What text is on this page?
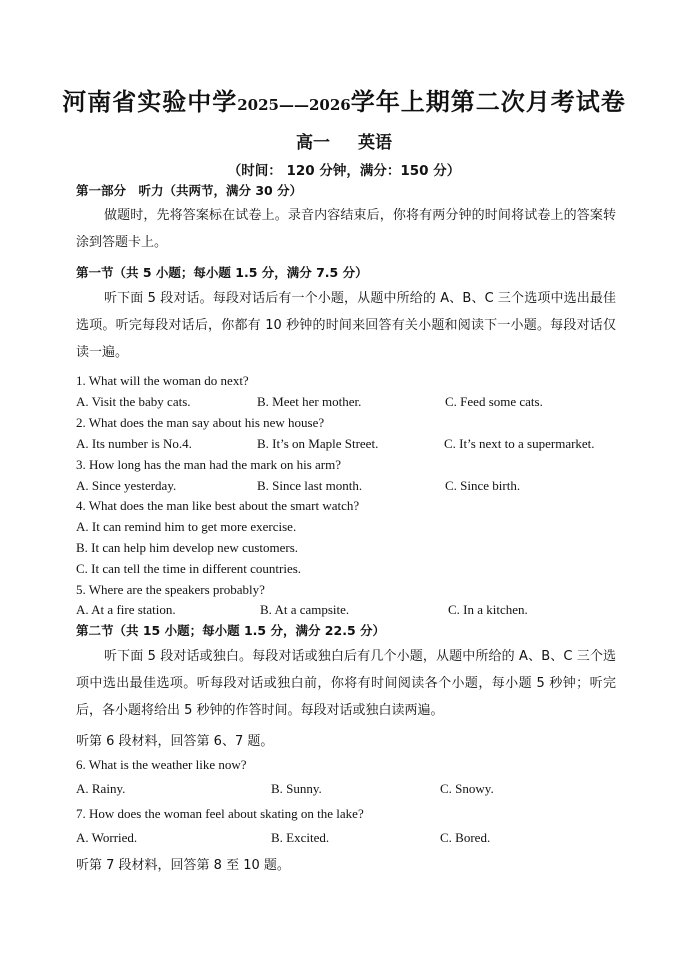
河南省实验中学2025——2026学年上期第二次月考试卷
高一 英语
（时间： 120 分钟，满分：150 分）
第一部分　听力（共两节，满分 30 分）
做题时，先将答案标在试卷上。录音内容结束后，你将有两分钟的时间将试卷上的答案转涂到答题卡上。
第一节（共 5 小题；每小题 1.5 分，满分 7.5 分）
听下面 5 段对话。每段对话后有一个小题，从题中所给的 A、B、C 三个选项中选出最佳选项。听完每段对话后，你都有 10 秒钟的时间来回答有关小题和阅读下一小题。每段对话仅读一遍。
1. What will the woman do next?
A. Visit the baby cats.	B. Meet her mother.	C. Feed some cats.
2. What does the man say about his new house?
A. Its number is No.4.	B. It’s on Maple Street.	C. It’s next to a supermarket.
3. How long has the man had the mark on his arm?
A. Since yesterday.	B. Since last month.	C. Since birth.
4. What does the man like best about the smart watch?
A. It can remind him to get more exercise.
B. It can help him develop new customers.
C. It can tell the time in different countries.
5. Where are the speakers probably?
A. At a fire station.	B. At a campsite.	C. In a kitchen.
第二节（共 15 小题；每小题 1.5 分，满分 22.5 分）
听下面 5 段对话或独白。每段对话或独白后有几个小题，从题中所给的 A、B、C 三个选项中选出最佳选项。听每段对话或独白前，你将有时间阅读各个小题，每小题 5 秒钟；听完后，各小题将给出 5 秒钟的作答时间。每段对话或独白读两遍。
听第 6 段材料，回答第 6、7 题。
6. What is the weather like now?
A. Rainy.	B. Sunny.	C. Snowy.
7. How does the woman feel about skating on the lake?
A. Worried.	B. Excited.	C. Bored.
听第 7 段材料，回答第 8 至 10 题。
